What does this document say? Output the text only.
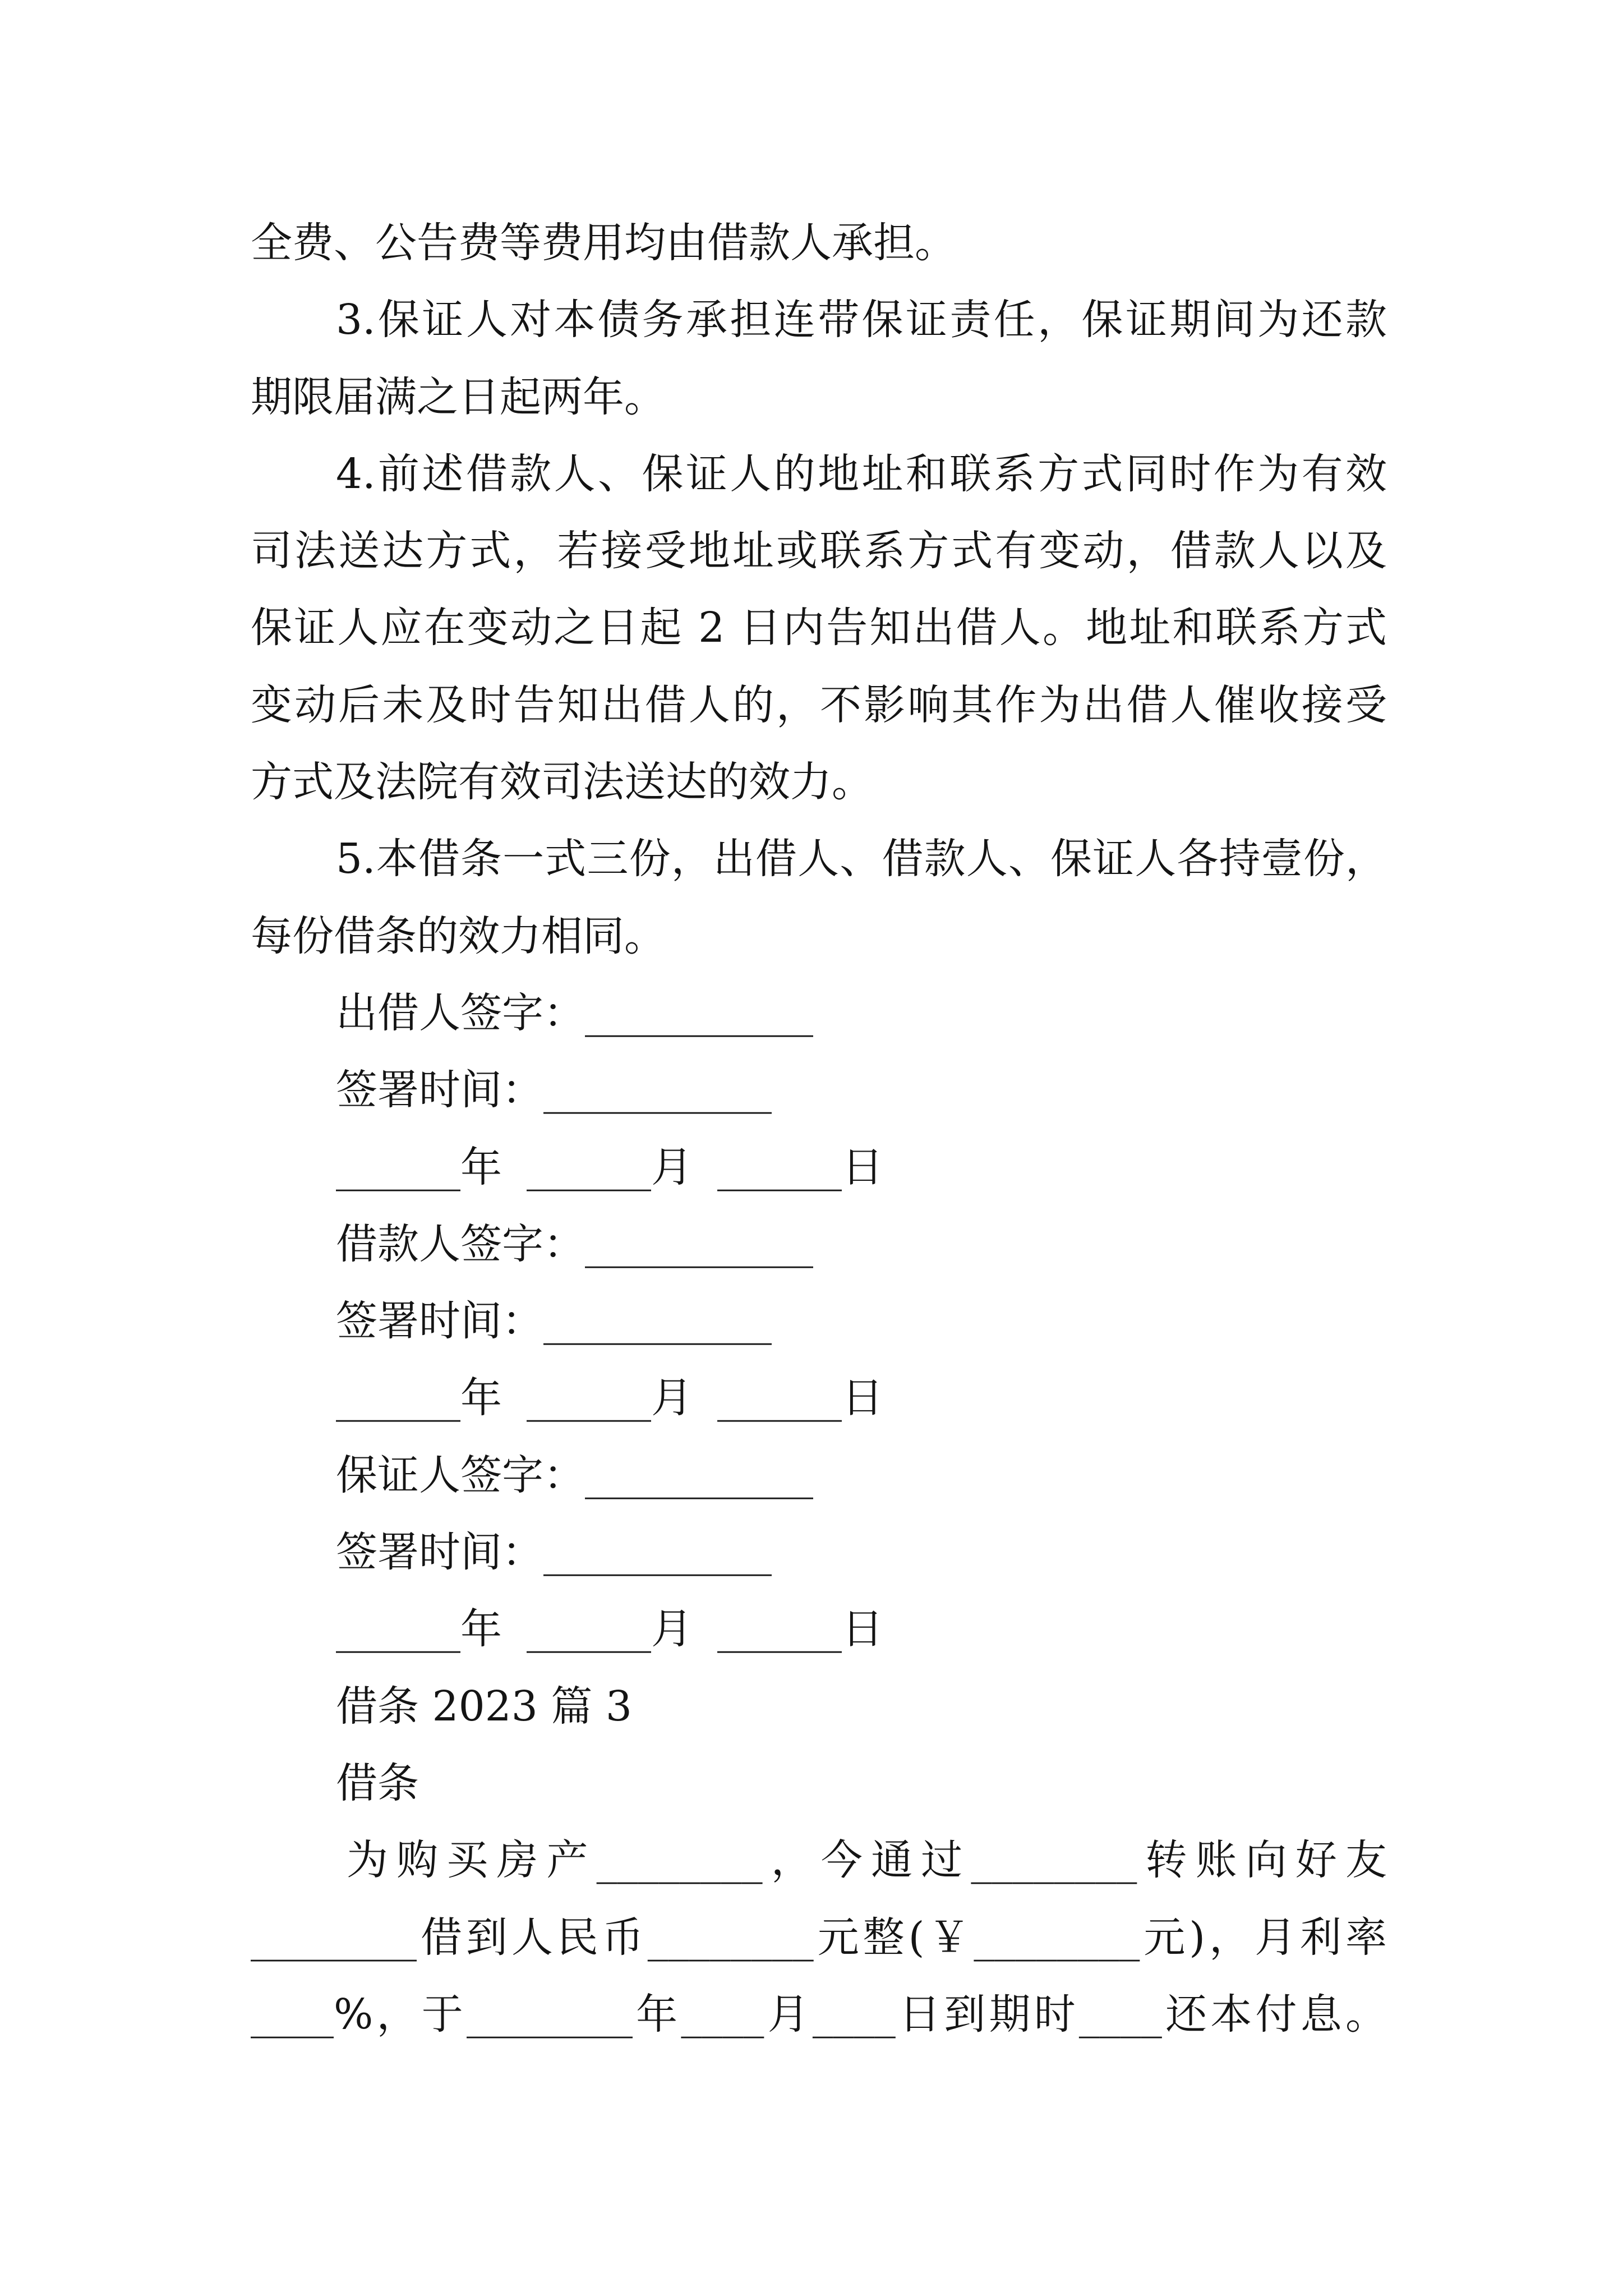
全费、公告费等费用均由借款人承担。
3.保证人对本债务承担连带保证责任，保证期间为还款
期限届满之日起两年。
4.前述借款人、保证人的地址和联系方式同时作为有效
司法送达方式，若接受地址或联系方式有变动，借款人以及
保证人应在变动之日起 2 日内告知出借人。地址和联系方式
变动后未及时告知出借人的，不影响其作为出借人催收接受
方式及法院有效司法送达的效力。
5.本借条一式三份，出借人、借款人、保证人各持壹份，
每份借条的效力相同。
出借人签字：___________
签署时间：___________
______年 ______月 ______日
借款人签字：___________
签署时间：___________
______年 ______月 ______日
保证人签字：___________
签署时间：___________
______年 ______月 ______日
借条 2023 篇 3
借条
为购买房产________，今通过________转账向好友
________借到人民币________元整(￥________元)，月利率
____%，于________年____月____日到期时____还本付息。
